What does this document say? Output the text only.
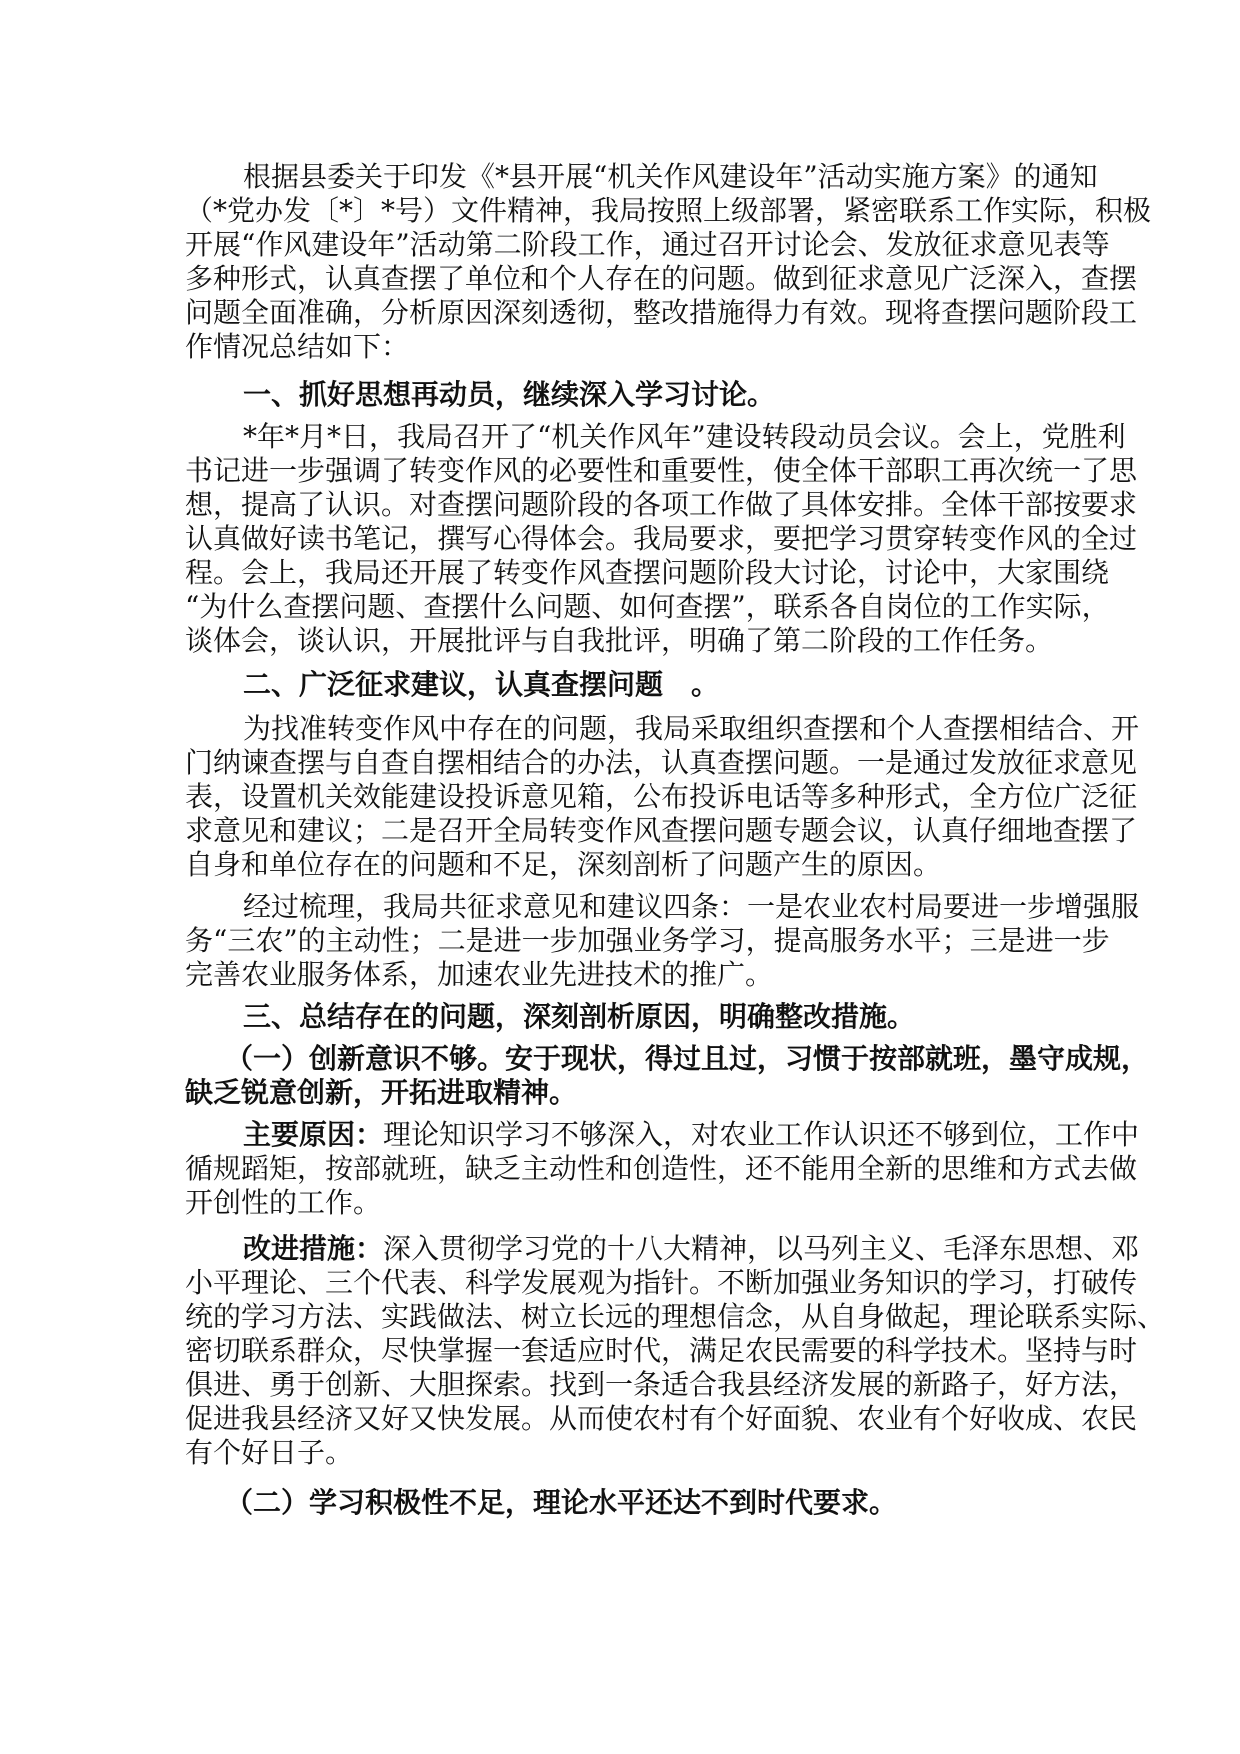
根据县委关于印发《*县开展“机关作风建设年”活动实施方案》的通知
（*党办发〔*〕*号）文件精神，我局按照上级部署，紧密联系工作实际，积极
开展“作风建设年”活动第二阶段工作，通过召开讨论会、发放征求意见表等
多种形式，认真查摆了单位和个人存在的问题。做到征求意见广泛深入，查摆
问题全面准确，分析原因深刻透彻，整改措施得力有效。现将查摆问题阶段工
作情况总结如下：
一、抓好思想再动员，继续深入学习讨论。
*年*月*日，我局召开了“机关作风年”建设转段动员会议。会上，党胜利
书记进一步强调了转变作风的必要性和重要性，使全体干部职工再次统一了思
想，提高了认识。对查摆问题阶段的各项工作做了具体安排。全体干部按要求
认真做好读书笔记，撰写心得体会。我局要求，要把学习贯穿转变作风的全过
程。会上，我局还开展了转变作风查摆问题阶段大讨论，讨论中，大家围绕
“为什么查摆问题、查摆什么问题、如何查摆”，联系各自岗位的工作实际，
谈体会，谈认识，开展批评与自我批评，明确了第二阶段的工作任务。
二、广泛征求建议，认真查摆问题　。
为找准转变作风中存在的问题，我局采取组织查摆和个人查摆相结合、开
门纳谏查摆与自查自摆相结合的办法，认真查摆问题。一是通过发放征求意见
表，设置机关效能建设投诉意见箱，公布投诉电话等多种形式，全方位广泛征
求意见和建议；二是召开全局转变作风查摆问题专题会议，认真仔细地查摆了
自身和单位存在的问题和不足，深刻剖析了问题产生的原因。
经过梳理，我局共征求意见和建议四条：一是农业农村局要进一步增强服
务“三农”的主动性；二是进一步加强业务学习，提高服务水平；三是进一步
完善农业服务体系，加速农业先进技术的推广。
三、总结存在的问题，深刻剖析原因，明确整改措施。
（一）创新意识不够。安于现状，得过且过，习惯于按部就班，墨守成规，
缺乏锐意创新，开拓进取精神。
主要原因：理论知识学习不够深入，对农业工作认识还不够到位，工作中
循规蹈矩，按部就班，缺乏主动性和创造性，还不能用全新的思维和方式去做
开创性的工作。
改进措施：深入贯彻学习党的十八大精神，以马列主义、毛泽东思想、邓
小平理论、三个代表、科学发展观为指针。不断加强业务知识的学习，打破传
统的学习方法、实践做法、树立长远的理想信念，从自身做起，理论联系实际、
密切联系群众，尽快掌握一套适应时代，满足农民需要的科学技术。坚持与时
俱进、勇于创新、大胆探索。找到一条适合我县经济发展的新路子，好方法，
促进我县经济又好又快发展。从而使农村有个好面貌、农业有个好收成、农民
有个好日子。
（二）学习积极性不足，理论水平还达不到时代要求。
